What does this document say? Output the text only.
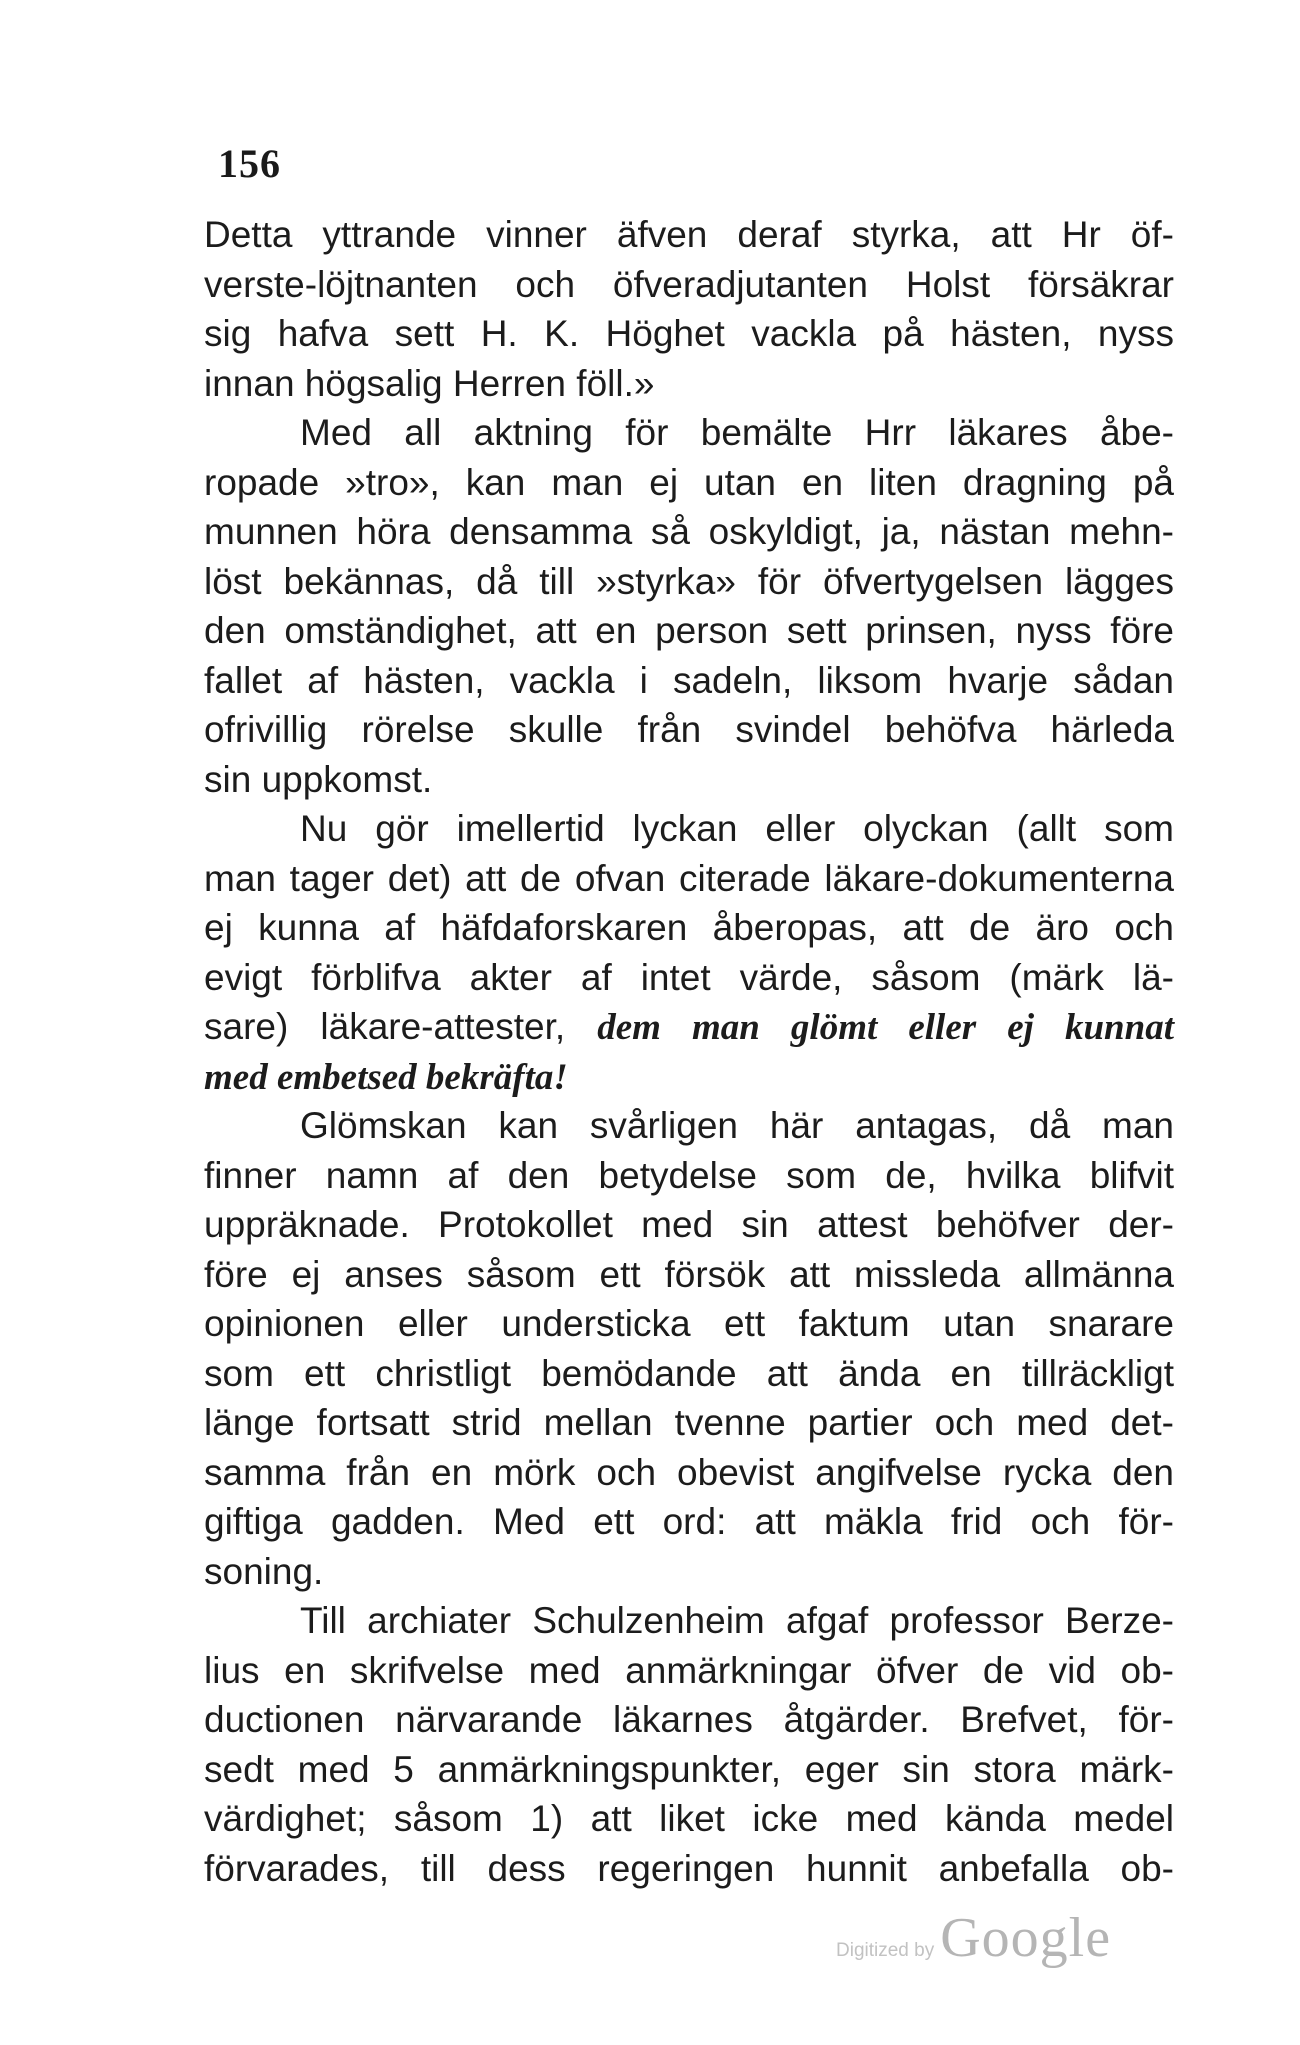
156
Detta yttrande vinner äfven deraf styrka, att Hr öf-
verste-löjtnanten och öfveradjutanten Holst försäkrar
sig hafva sett H. K. Höghet vackla på hästen, nyss
innan högsalig Herren föll.»
Med all aktning för bemälte Hrr läkares åbe-
ropade »tro», kan man ej utan en liten dragning på
munnen höra densamma så oskyldigt, ja, nästan mehn-
löst bekännas, då till »styrka» för öfvertygelsen lägges
den omständighet, att en person sett prinsen, nyss före
fallet af hästen, vackla i sadeln, liksom hvarje sådan
ofrivillig rörelse skulle från svindel behöfva härleda
sin uppkomst.
Nu gör imellertid lyckan eller olyckan (allt som
man tager det) att de ofvan citerade läkare-dokumenterna
ej kunna af häfdaforskaren åberopas, att de äro och
evigt förblifva akter af intet värde, såsom (märk lä-
sare) läkare-attester, dem man glömt eller ej kunnat
med embetsed bekräfta!
Glömskan kan svårligen här antagas, då man
finner namn af den betydelse som de, hvilka blifvit
uppräknade. Protokollet med sin attest behöfver der-
före ej anses såsom ett försök att missleda allmänna
opinionen eller understicka ett faktum utan snarare
som ett christligt bemödande att ända en tillräckligt
länge fortsatt strid mellan tvenne partier och med det-
samma från en mörk och obevist angifvelse rycka den
giftiga gadden. Med ett ord: att mäkla frid och för-
soning.
Till archiater Schulzenheim afgaf professor Berze-
lius en skrifvelse med anmärkningar öfver de vid ob-
ductionen närvarande läkarnes åtgärder. Brefvet, för-
sedt med 5 anmärkningspunkter, eger sin stora märk-
värdighet; såsom 1) att liket icke med kända medel
förvarades, till dess regeringen hunnit anbefalla ob-
Digitized by Google
